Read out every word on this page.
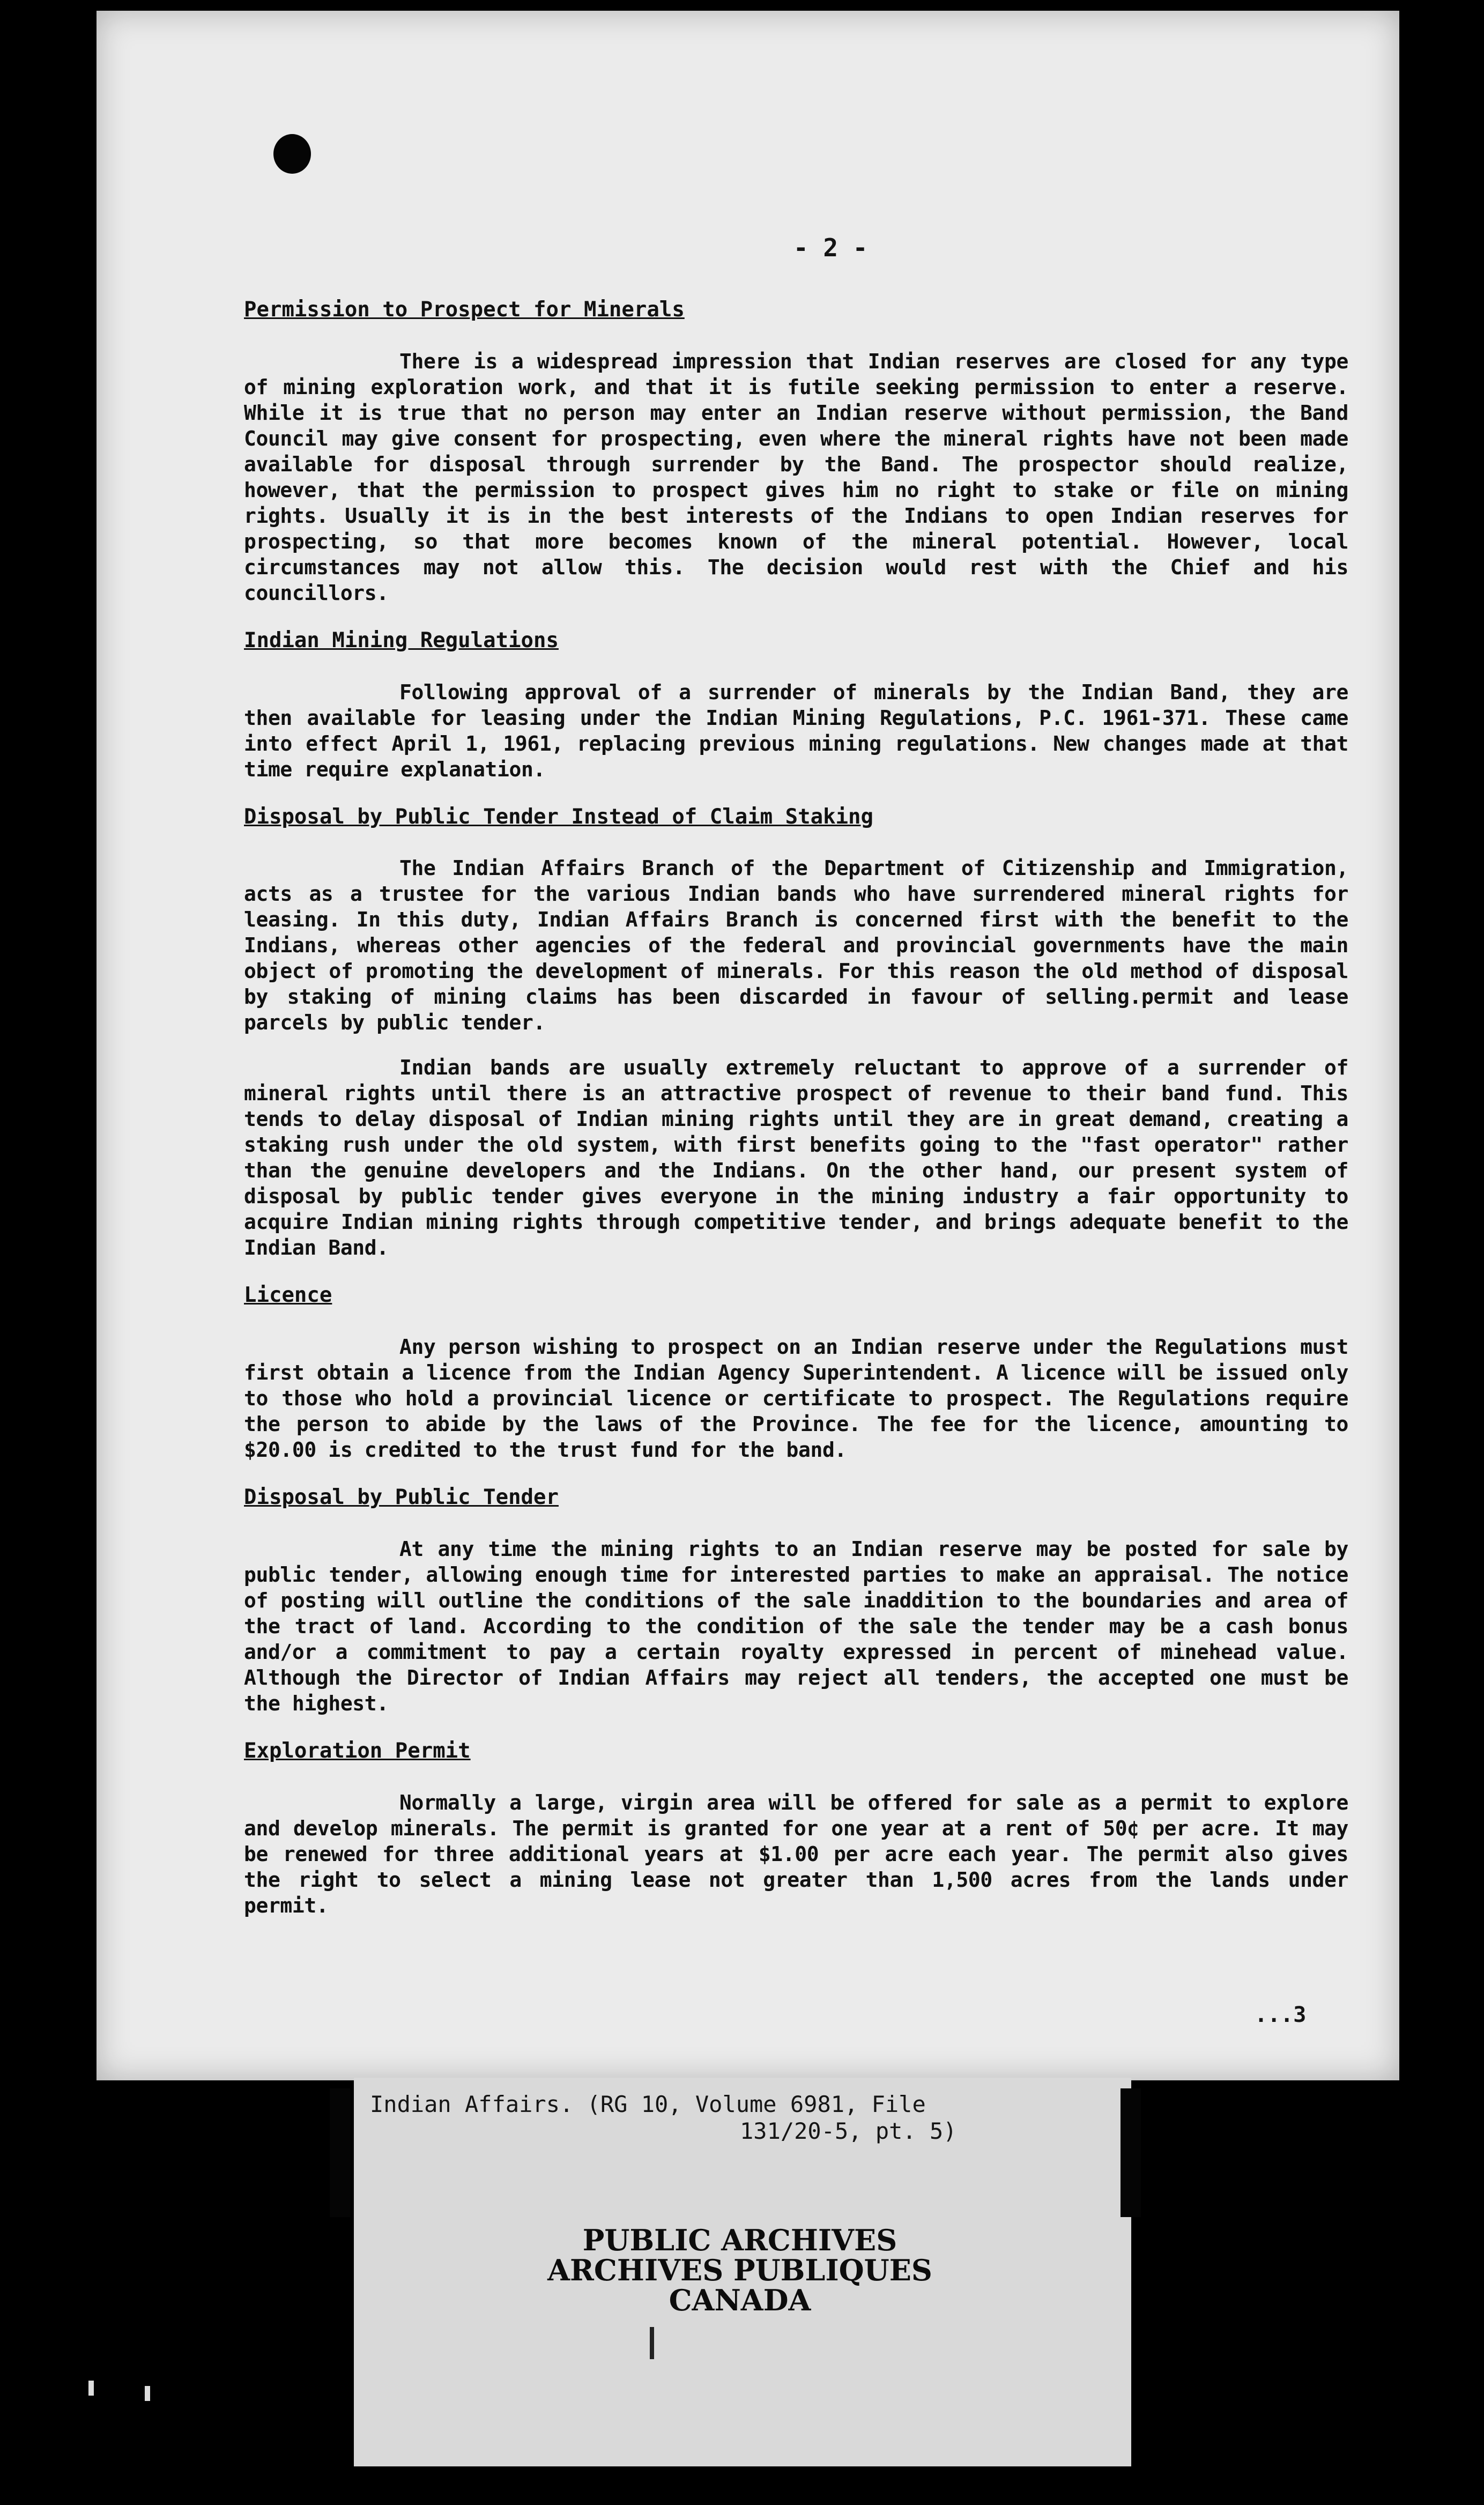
- 2 -

Permission to Prospect for Minerals

There is a widespread impression that Indian reserves are closed for any type of mining exploration work, and that it is futile seeking permission to enter a reserve. While it is true that no person may enter an Indian reserve without permission, the Band Council may give consent for prospecting, even where the mineral rights have not been made available for disposal through surrender by the Band. The prospector should realize, however, that the permission to prospect gives him no right to stake or file on mining rights. Usually it is in the best interests of the Indians to open Indian reserves for prospecting, so that more becomes known of the mineral potential. However, local circumstances may not allow this. The decision would rest with the Chief and his councillors.

Indian Mining Regulations

Following approval of a surrender of minerals by the Indian Band, they are then available for leasing under the Indian Mining Regulations, P.C. 1961-371. These came into effect April 1, 1961, replacing previous mining regulations. New changes made at that time require explanation.

Disposal by Public Tender Instead of Claim Staking

The Indian Affairs Branch of the Department of Citizenship and Immigration, acts as a trustee for the various Indian bands who have surrendered mineral rights for leasing. In this duty, Indian Affairs Branch is concerned first with the benefit to the Indians, whereas other agencies of the federal and provincial governments have the main object of promoting the development of minerals. For this reason the old method of disposal by staking of mining claims has been discarded in favour of selling.permit and lease parcels by public tender.

Indian bands are usually extremely reluctant to approve of a surrender of mineral rights until there is an attractive prospect of revenue to their band fund. This tends to delay disposal of Indian mining rights until they are in great demand, creating a staking rush under the old system, with first benefits going to the "fast operator" rather than the genuine developers and the Indians. On the other hand, our present system of disposal by public tender gives everyone in the mining industry a fair opportunity to acquire Indian mining rights through competitive tender, and brings adequate benefit to the Indian Band.

Licence

Any person wishing to prospect on an Indian reserve under the Regulations must first obtain a licence from the Indian Agency Superintendent. A licence will be issued only to those who hold a provincial licence or certificate to prospect. The Regulations require the person to abide by the laws of the Province. The fee for the licence, amounting to $20.00 is credited to the trust fund for the band.

Disposal by Public Tender

At any time the mining rights to an Indian reserve may be posted for sale by public tender, allowing enough time for interested parties to make an appraisal. The notice of posting will outline the conditions of the sale inaddition to the boundaries and area of the tract of land. According to the condition of the sale the tender may be a cash bonus and/or a commitment to pay a certain royalty expressed in percent of minehead value. Although the Director of Indian Affairs may reject all tenders, the accepted one must be the highest.

Exploration Permit

Normally a large, virgin area will be offered for sale as a permit to explore and develop minerals. The permit is granted for one year at a rent of 50¢ per acre. It may be renewed for three additional years at $1.00 per acre each year. The permit also gives the right to select a mining lease not greater than 1,500 acres from the lands under permit.

...3

Indian Affairs. (RG 10, Volume 6981, File
131/20-5, pt. 5)

PUBLIC ARCHIVES
ARCHIVES PUBLIQUES
CANADA
